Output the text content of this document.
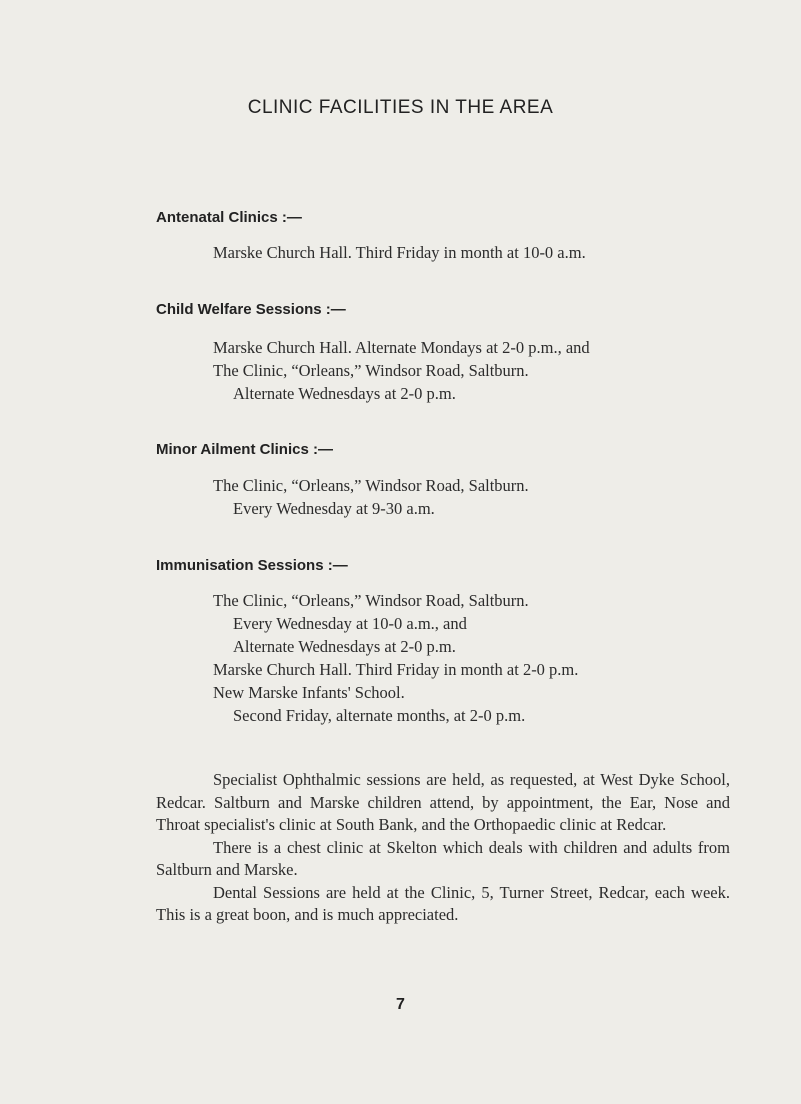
CLINIC FACILITIES IN THE AREA
Antenatal Clinics :—
Marske Church Hall. Third Friday in month at 10-0 a.m.
Child Welfare Sessions :—
Marske Church Hall. Alternate Mondays at 2-0 p.m., and
The Clinic, “Orleans,” Windsor Road, Saltburn.
Alternate Wednesdays at 2-0 p.m.
Minor Ailment Clinics :—
The Clinic, “Orleans,” Windsor Road, Saltburn.
Every Wednesday at 9-30 a.m.
Immunisation Sessions :—
The Clinic, “Orleans,” Windsor Road, Saltburn.
Every Wednesday at 10-0 a.m., and
Alternate Wednesdays at 2-0 p.m.
Marske Church Hall. Third Friday in month at 2-0 p.m.
New Marske Infants' School.
Second Friday, alternate months, at 2-0 p.m.

Specialist Ophthalmic sessions are held, as requested, at West Dyke School, Redcar. Saltburn and Marske children attend, by appointment, the Ear, Nose and Throat specialist's clinic at South Bank, and the Orthopaedic clinic at Redcar.

There is a chest clinic at Skelton which deals with children and adults from Saltburn and Marske.

Dental Sessions are held at the Clinic, 5, Turner Street, Redcar, each week. This is a great boon, and is much appreciated.

7
